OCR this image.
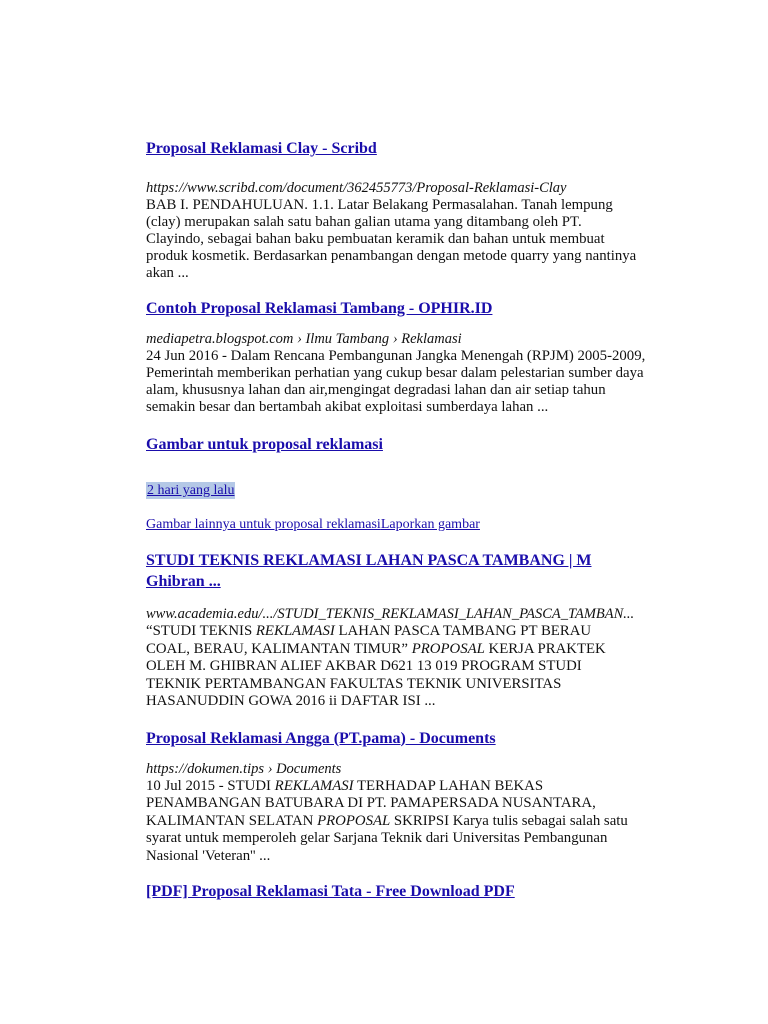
Proposal Reklamasi Clay - Scribd
https://www.scribd.com/document/362455773/Proposal-Reklamasi-Clay
BAB I. PENDAHULUAN. 1.1. Latar Belakang Permasalahan. Tanah lempung (clay) merupakan salah satu bahan galian utama yang ditambang oleh PT. Clayindo, sebagai bahan baku pembuatan keramik dan bahan untuk membuat produk kosmetik. Berdasarkan penambangan dengan metode quarry yang nantinya akan ...
Contoh Proposal Reklamasi Tambang - OPHIR.ID
mediapetra.blogspot.com › Ilmu Tambang › Reklamasi
24 Jun 2016 - Dalam Rencana Pembangunan Jangka Menengah (RPJM) 2005-2009, Pemerintah memberikan perhatian yang cukup besar dalam pelestarian sumber daya alam, khususnya lahan dan air,mengingat degradasi lahan dan air setiap tahun semakin besar dan bertambah akibat exploitasi sumberdaya lahan ...
Gambar untuk proposal reklamasi
2 hari yang lalu
Gambar lainnya untuk proposal reklamasiLaporkan gambar
STUDI TEKNIS REKLAMASI LAHAN PASCA TAMBANG | M Ghibran ...
www.academia.edu/.../STUDI_TEKNIS_REKLAMASI_LAHAN_PASCA_TAMBAN...
“STUDI TEKNIS REKLAMASI LAHAN PASCA TAMBANG PT BERAU COAL, BERAU, KALIMANTAN TIMUR” PROPOSAL KERJA PRAKTEK OLEH M. GHIBRAN ALIEF AKBAR D621 13 019 PROGRAM STUDI TEKNIK PERTAMBANGAN FAKULTAS TEKNIK UNIVERSITAS HASANUDDIN GOWA 2016 ii DAFTAR ISI ...
Proposal Reklamasi Angga (PT.pama) - Documents
https://dokumen.tips › Documents
10 Jul 2015 - STUDI REKLAMASI TERHADAP LAHAN BEKAS PENAMBANGAN BATUBARA DI PT. PAMAPERSADA NUSANTARA, KALIMANTAN SELATAN PROPOSAL SKRIPSI Karya tulis sebagai salah satu syarat untuk memperoleh gelar Sarjana Teknik dari Universitas Pembangunan Nasional 'Veteran'' ...
[PDF] Proposal Reklamasi Tata - Free Download PDF
